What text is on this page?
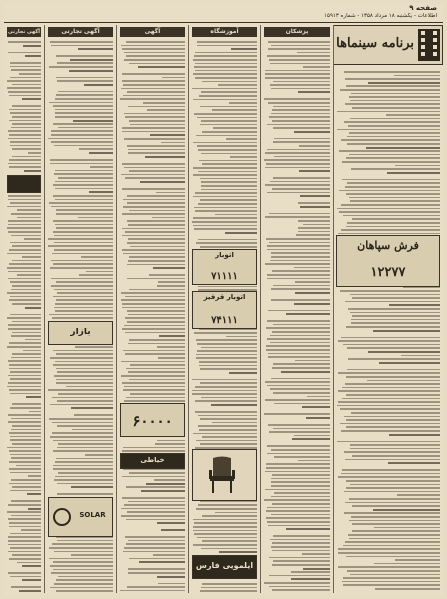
صفحه ۹
اطلاعات - یکشنبه ۱۸ مرداد ۱۳۵۸ - شماره ۱۵۹۱۳
برنامه سینماها
پزشکان
آموزشگاه
اتوبار
۷۱۱۱۱
اتوبار قرقیز
۷۴۱۱۱
ایلمویی فارس
آگهی
۶۰۰۰۰
خیاطی
آگهی تجارتی
بازار
SOLAR
آگهی تجارتی
فرش سپاهان
۱۲۲۷۷
